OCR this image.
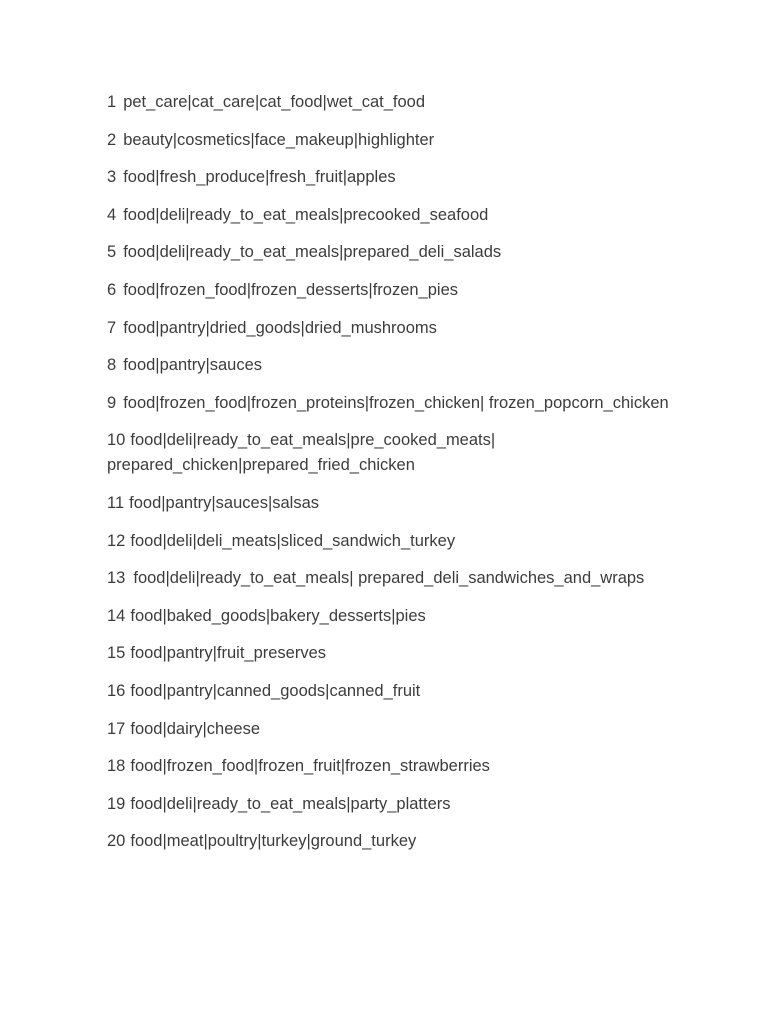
1 pet_care|cat_care|cat_food|wet_cat_food
2 beauty|cosmetics|face_makeup|highlighter
3 food|fresh_produce|fresh_fruit|apples
4 food|deli|ready_to_eat_meals|precooked_seafood
5 food|deli|ready_to_eat_meals|prepared_deli_salads
6 food|frozen_food|frozen_desserts|frozen_pies
7 food|pantry|dried_goods|dried_mushrooms
8 food|pantry|sauces
9 food|frozen_food|frozen_proteins|frozen_chicken| frozen_popcorn_chicken
10 food|deli|ready_to_eat_meals|pre_cooked_meats| prepared_chicken|prepared_fried_chicken
11 food|pantry|sauces|salsas
12 food|deli|deli_meats|sliced_sandwich_turkey
13 food|deli|ready_to_eat_meals| prepared_deli_sandwiches_and_wraps
14 food|baked_goods|bakery_desserts|pies
15 food|pantry|fruit_preserves
16 food|pantry|canned_goods|canned_fruit
17 food|dairy|cheese
18 food|frozen_food|frozen_fruit|frozen_strawberries
19 food|deli|ready_to_eat_meals|party_platters
20 food|meat|poultry|turkey|ground_turkey
